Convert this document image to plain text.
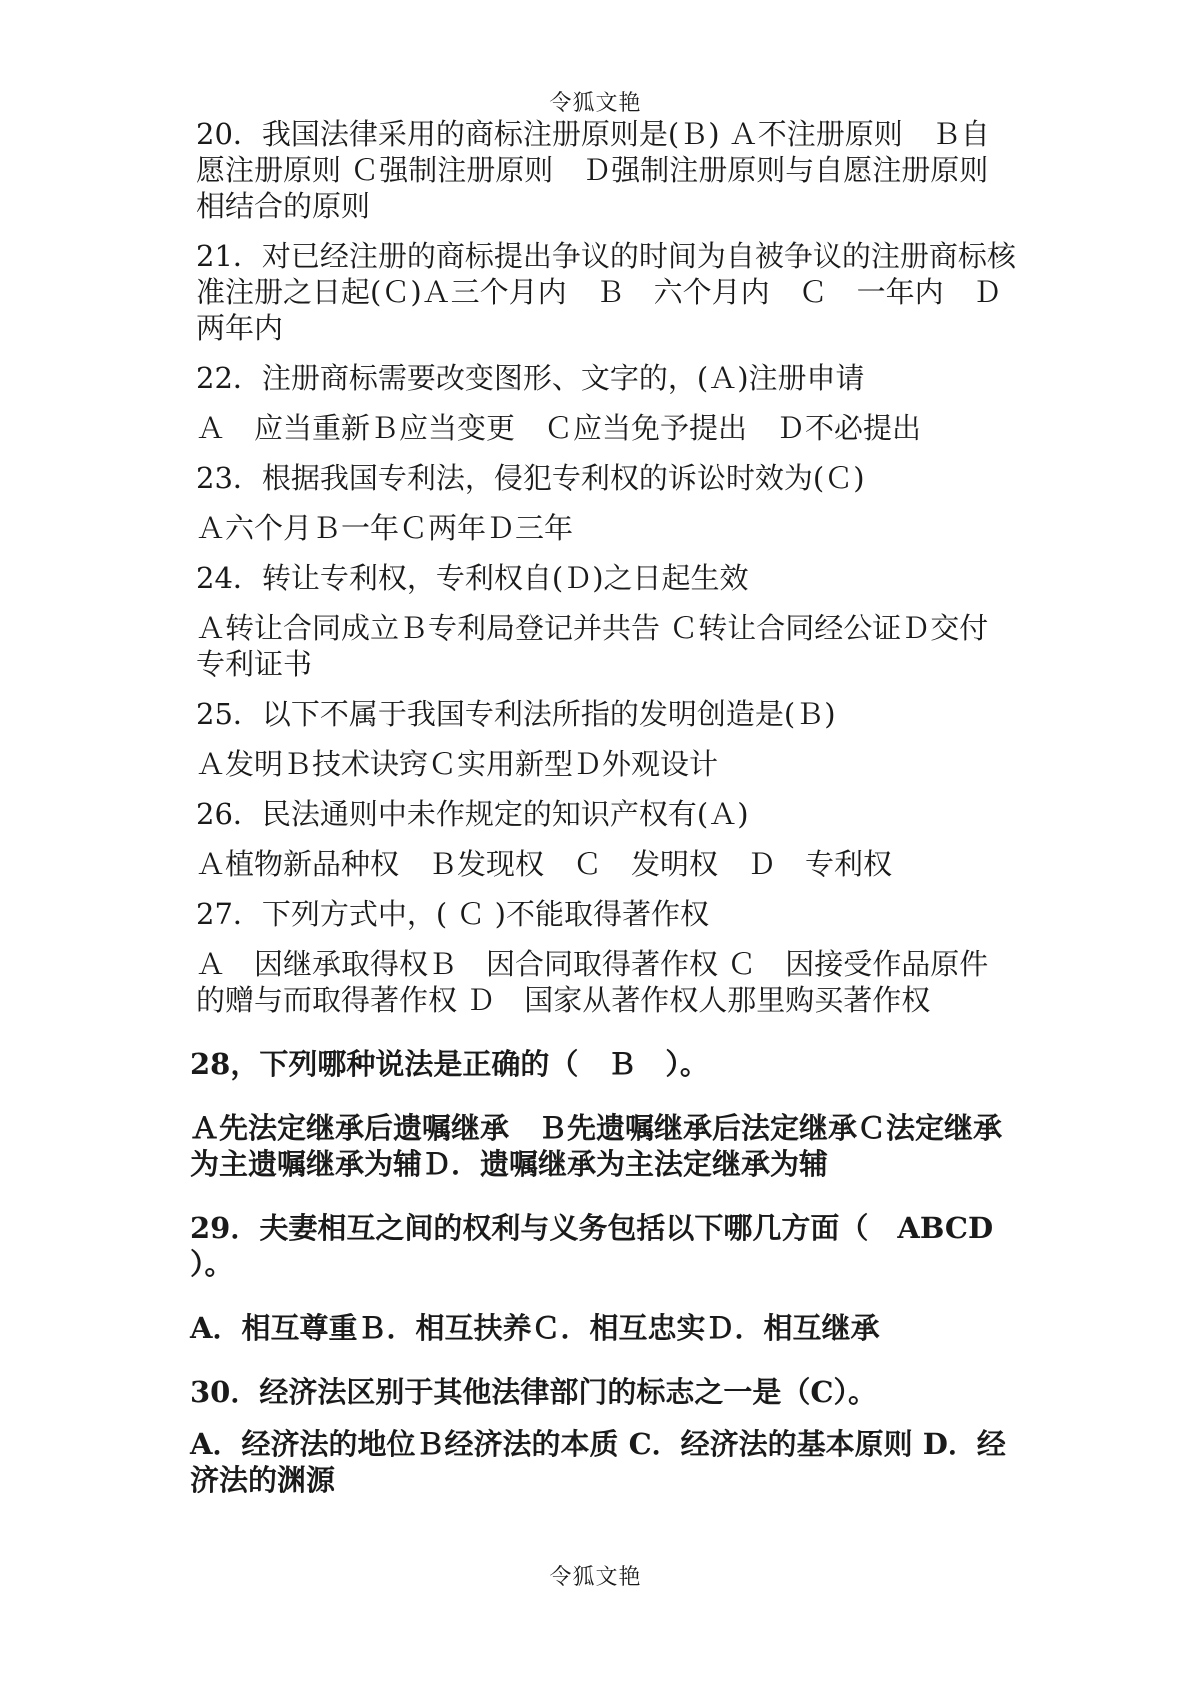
令狐文艳

20．我国法律采用的商标注册原则是(Ｂ) Ａ不注册原则　Ｂ自愿注册原则 Ｃ强制注册原则　Ｄ强制注册原则与自愿注册原则相结合的原则

21．对已经注册的商标提出争议的时间为自被争议的注册商标核准注册之日起(Ｃ)Ａ三个月内　Ｂ　六个月内　Ｃ　一年内　Ｄ　两年内

22．注册商标需要改变图形、文字的，(Ａ)注册申请

Ａ　应当重新Ｂ应当变更　Ｃ应当免予提出　Ｄ不必提出

23．根据我国专利法，侵犯专利权的诉讼时效为(Ｃ)

Ａ六个月Ｂ一年Ｃ两年Ｄ三年

24．转让专利权，专利权自(Ｄ)之日起生效

Ａ转让合同成立Ｂ专利局登记并共告 Ｃ转让合同经公证Ｄ交付专利证书

25．以下不属于我国专利法所指的发明创造是(Ｂ)

Ａ发明Ｂ技术诀窍Ｃ实用新型Ｄ外观设计

26．民法通则中未作规定的知识产权有(Ａ)

Ａ植物新品种权　Ｂ发现权　Ｃ　发明权　Ｄ　专利权

27．下列方式中，( Ｃ )不能取得著作权

Ａ　因继承取得权Ｂ　因合同取得著作权 Ｃ　因接受作品原件的赠与而取得著作权 Ｄ　国家从著作权人那里购买著作权

28，下列哪种说法是正确的（　Ｂ　）。

Ａ先法定继承后遗嘱继承　Ｂ先遗嘱继承后法定继承Ｃ法定继承为主遗嘱继承为辅Ｄ．遗嘱继承为主法定继承为辅

29．夫妻相互之间的权利与义务包括以下哪几方面（　ABCD　）。

A．相互尊重Ｂ．相互扶养Ｃ．相互忠实Ｄ．相互继承

30．经济法区别于其他法律部门的标志之一是（C）。

A．经济法的地位Ｂ经济法的本质 C．经济法的基本原则 D．经济法的渊源

令狐文艳
